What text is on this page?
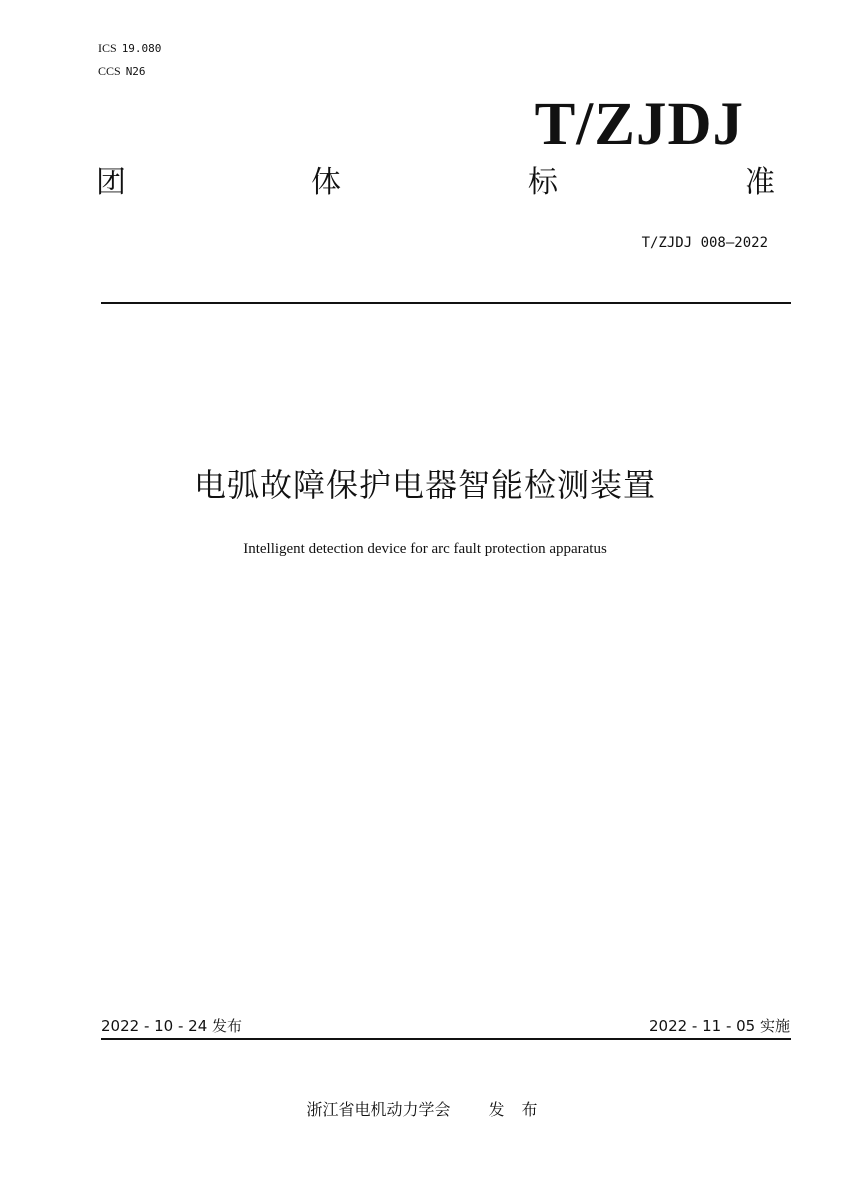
ICS 19.080
CCS N26
T/ZJDJ
团	体	标	准
T/ZJDJ 008—2022
电弧故障保护电器智能检测装置
Intelligent detection device for arc fault protection apparatus
2022 - 10 - 24 发布	2022 - 11 - 05 实施
浙江省电机动力学会 发 布
